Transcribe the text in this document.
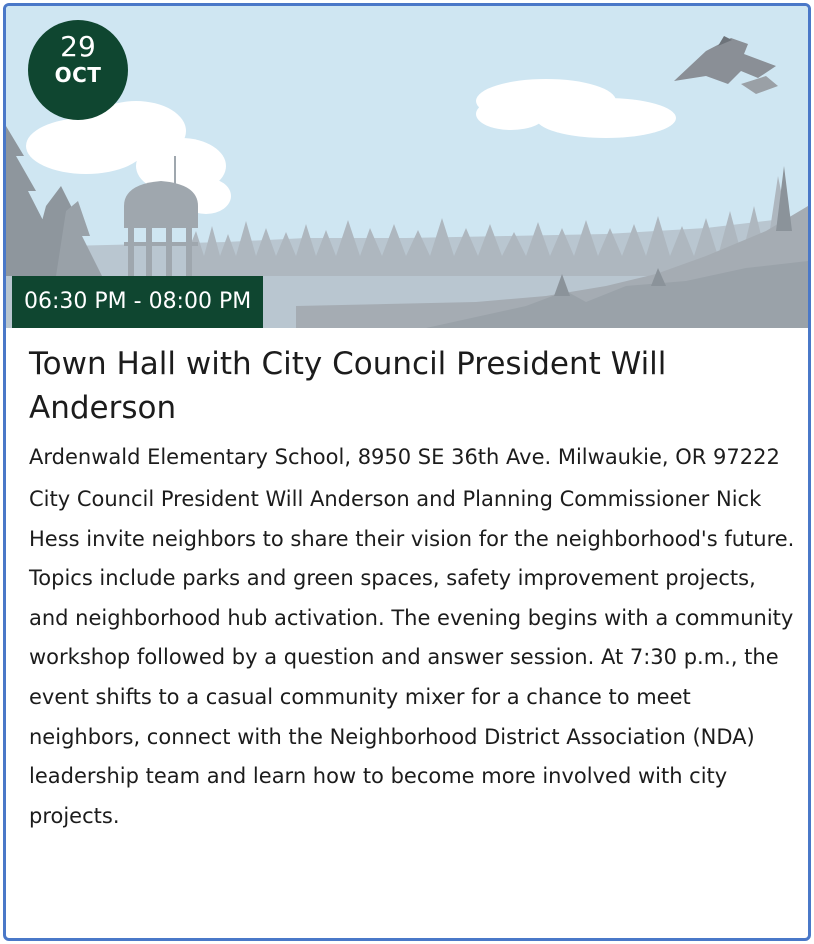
29
OCT
06:30 PM - 08:00 PM
Town Hall with City Council President Will Anderson
Ardenwald Elementary School, 8950 SE 36th Ave. Milwaukie, OR 97222
City Council President Will Anderson and Planning Commissioner Nick Hess invite neighbors to share their vision for the neighborhood's future. Topics include parks and green spaces, safety improvement projects, and neighborhood hub activation. The evening begins with a community workshop followed by a question and answer session. At 7:30 p.m., the event shifts to a casual community mixer for a chance to meet neighbors, connect with the Neighborhood District Association (NDA) leadership team and learn how to become more involved with city projects.
